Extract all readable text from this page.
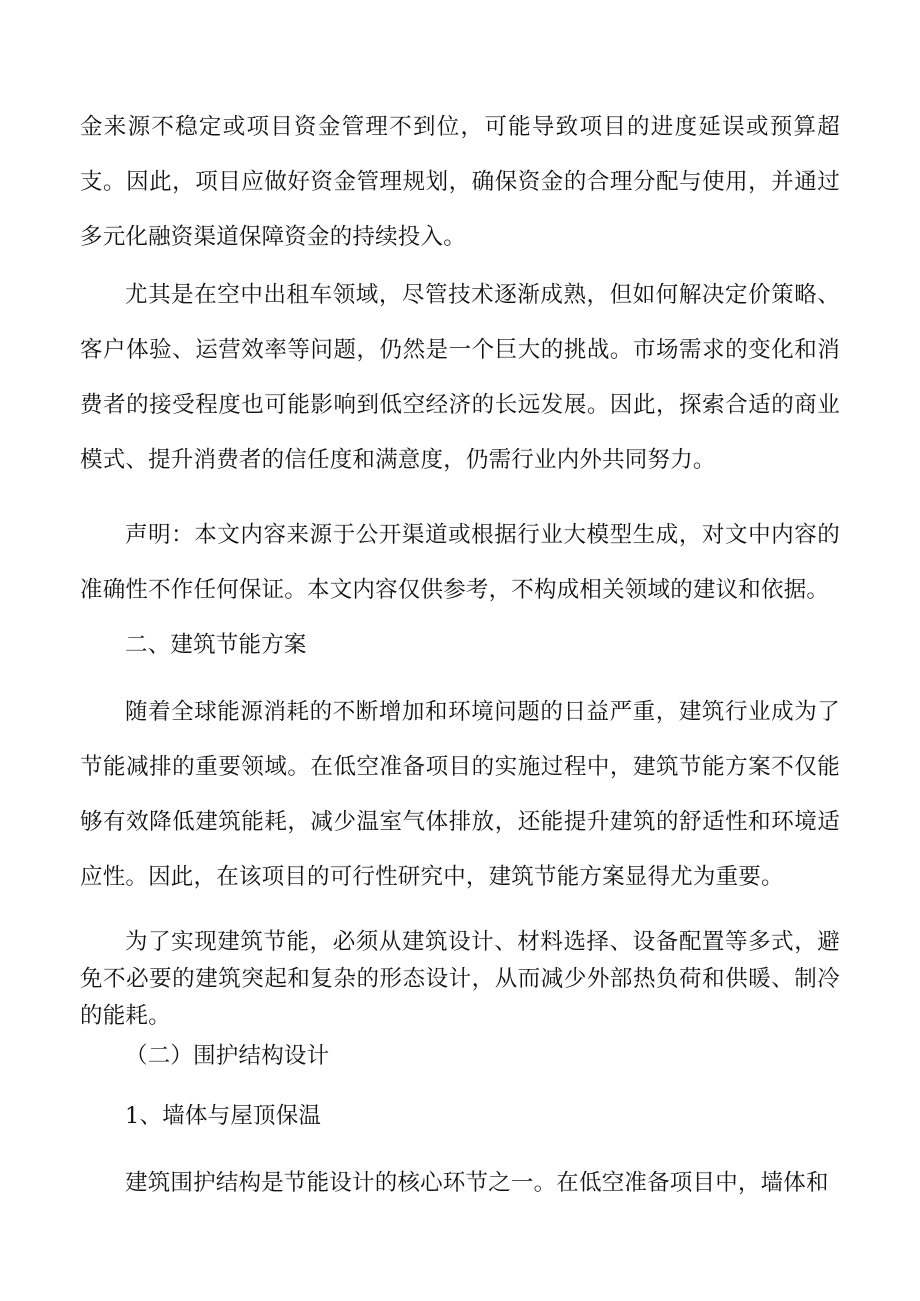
金来源不稳定或项目资金管理不到位，可能导致项目的进度延误或预算超支。因此，项目应做好资金管理规划，确保资金的合理分配与使用，并通过多元化融资渠道保障资金的持续投入。

尤其是在空中出租车领域，尽管技术逐渐成熟，但如何解决定价策略、客户体验、运营效率等问题，仍然是一个巨大的挑战。市场需求的变化和消费者的接受程度也可能影响到低空经济的长远发展。因此，探索合适的商业模式、提升消费者的信任度和满意度，仍需行业内外共同努力。

声明：本文内容来源于公开渠道或根据行业大模型生成，对文中内容的准确性不作任何保证。本文内容仅供参考，不构成相关领域的建议和依据。

二、建筑节能方案

随着全球能源消耗的不断增加和环境问题的日益严重，建筑行业成为了节能减排的重要领域。在低空准备项目的实施过程中，建筑节能方案不仅能够有效降低建筑能耗，减少温室气体排放，还能提升建筑的舒适性和环境适应性。因此，在该项目的可行性研究中，建筑节能方案显得尤为重要。

为了实现建筑节能，必须从建筑设计、材料选择、设备配置等多式，避免不必要的建筑突起和复杂的形态设计，从而减少外部热负荷和供暖、制冷的能耗。

（二）围护结构设计

1、墙体与屋顶保温

建筑围护结构是节能设计的核心环节之一。在低空准备项目中，墙体和
